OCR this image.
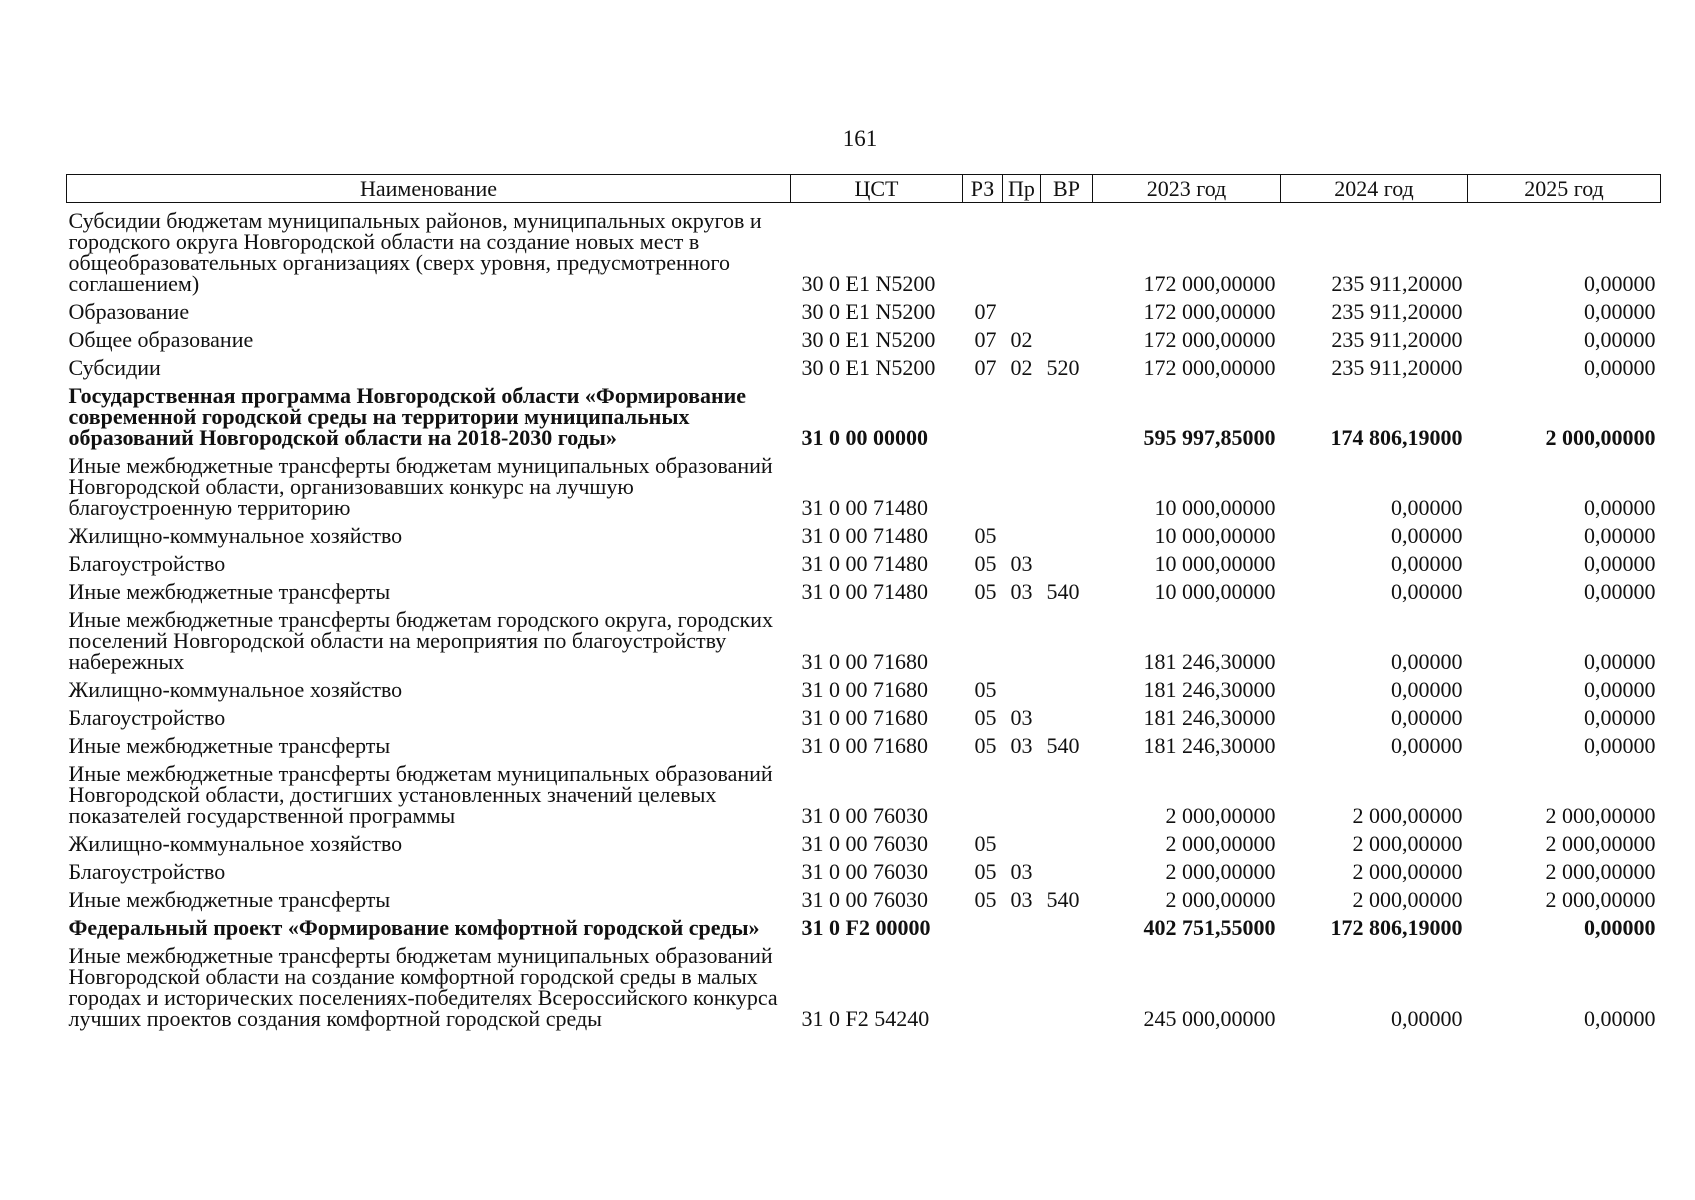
161
Наименование	ЦСТ	РЗ	Пр	ВР	2023 год	2024 год	2025 год
Субсидии бюджетам муниципальных районов, муниципальных округов и городского округа Новгородской области на создание новых мест в общеобразовательных организациях (сверх уровня, предусмотренного соглашением)	30 0 E1 N5200				172 000,00000	235 911,20000	0,00000
Образование	30 0 E1 N5200	07			172 000,00000	235 911,20000	0,00000
Общее образование	30 0 E1 N5200	07	02		172 000,00000	235 911,20000	0,00000
Субсидии	30 0 E1 N5200	07	02	520	172 000,00000	235 911,20000	0,00000
Государственная программа Новгородской области «Формирование современной городской среды на территории муниципальных образований Новгородской области на 2018-2030 годы»	31 0 00 00000				595 997,85000	174 806,19000	2 000,00000
Иные межбюджетные трансферты бюджетам муниципальных образований Новгородской области, организовавших конкурс на лучшую благоустроенную территорию	31 0 00 71480				10 000,00000	0,00000	0,00000
Жилищно-коммунальное хозяйство	31 0 00 71480	05			10 000,00000	0,00000	0,00000
Благоустройство	31 0 00 71480	05	03		10 000,00000	0,00000	0,00000
Иные межбюджетные трансферты	31 0 00 71480	05	03	540	10 000,00000	0,00000	0,00000
Иные межбюджетные трансферты бюджетам городского округа, городских поселений Новгородской области на мероприятия по благоустройству набережных	31 0 00 71680				181 246,30000	0,00000	0,00000
Жилищно-коммунальное хозяйство	31 0 00 71680	05			181 246,30000	0,00000	0,00000
Благоустройство	31 0 00 71680	05	03		181 246,30000	0,00000	0,00000
Иные межбюджетные трансферты	31 0 00 71680	05	03	540	181 246,30000	0,00000	0,00000
Иные межбюджетные трансферты бюджетам муниципальных образований Новгородской области, достигших установленных значений целевых показателей государственной программы	31 0 00 76030				2 000,00000	2 000,00000	2 000,00000
Жилищно-коммунальное хозяйство	31 0 00 76030	05			2 000,00000	2 000,00000	2 000,00000
Благоустройство	31 0 00 76030	05	03		2 000,00000	2 000,00000	2 000,00000
Иные межбюджетные трансферты	31 0 00 76030	05	03	540	2 000,00000	2 000,00000	2 000,00000
Федеральный проект «Формирование комфортной городской среды»	31 0 F2 00000				402 751,55000	172 806,19000	0,00000
Иные межбюджетные трансферты бюджетам муниципальных образований Новгородской области на создание комфортной городской среды в малых городах и исторических поселениях-победителях Всероссийского конкурса лучших проектов создания комфортной городской среды	31 0 F2 54240				245 000,00000	0,00000	0,00000
